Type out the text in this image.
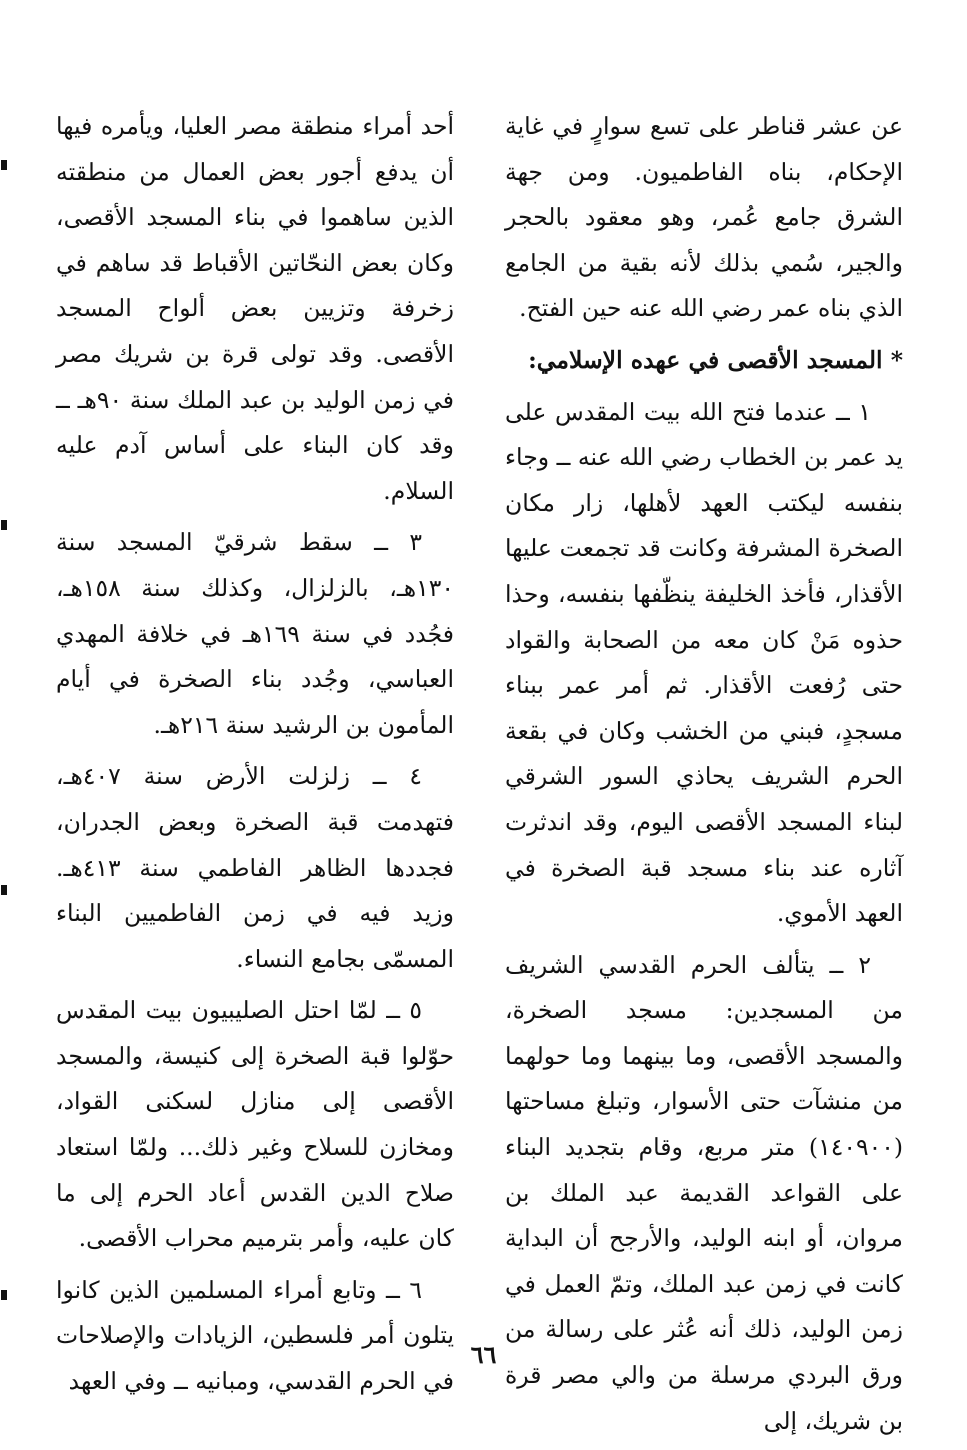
عن عشر قناطر على تسع سوارٍ في غاية الإحكام، بناه الفاطميون. ومن جهة الشرق جامع عُمر، وهو معقود بالحجر والجير، سُمي بذلك لأنه بقية من الجامع الذي بناه عمر رضي الله عنه حين الفتح.

* المسجد الأقصى في عهده الإسلامي:

١ ــ عندما فتح الله بيت المقدس على يد عمر بن الخطاب رضي الله عنه ــ وجاء بنفسه ليكتب العهد لأهلها، زار مكان الصخرة المشرفة وكانت قد تجمعت عليها الأقذار، فأخذ الخليفة ينظّفها بنفسه، وحذا حذوه مَنْ كان معه من الصحابة والقواد حتى رُفعت الأقذار. ثم أمر عمر ببناء مسجدٍ، فبني من الخشب وكان في بقعة الحرم الشريف يحاذي السور الشرقي لبناء المسجد الأقصى اليوم، وقد اندثرت آثاره عند بناء مسجد قبة الصخرة في العهد الأموي.

٢ ــ يتألف الحرم القدسي الشريف من المسجدين: مسجد الصخرة، والمسجد الأقصى، وما بينهما وما حولهما من منشآت حتى الأسوار، وتبلغ مساحتها (١٤٠٩٠٠) متر مربع، وقام بتجديد البناء على القواعد القديمة عبد الملك بن مروان، أو ابنه الوليد، والأرجح أن البداية كانت في زمن عبد الملك، وتمّ العمل في زمن الوليد، ذلك أنه عُثر على رسالة من ورق البردي مرسلة من والي مصر قرة بن شريك، إلى

أحد أمراء منطقة مصر العليا، ويأمره فيها أن يدفع أجور بعض العمال من منطقته الذين ساهموا في بناء المسجد الأقصى، وكان بعض النحّاتين الأقباط قد ساهم في زخرفة وتزيين بعض ألواح المسجد الأقصى. وقد تولى قرة بن شريك مصر في زمن الوليد بن عبد الملك سنة ٩٠هـ ــ وقد كان البناء على أساس آدم عليه السلام.

٣ ــ سقط شرقيّ المسجد سنة ١٣٠هـ، بالزلزال، وكذلك سنة ١٥٨هـ، فجُدد في سنة ١٦٩هـ في خلافة المهدي العباسي، وجُدد بناء الصخرة في أيام المأمون بن الرشيد سنة ٢١٦هـ.

٤ ــ زلزلت الأرض سنة ٤٠٧هـ، فتهدمت قبة الصخرة وبعض الجدران، فجددها الظاهر الفاطمي سنة ٤١٣هـ. وزيد فيه في زمن الفاطميين البناء المسمّى بجامع النساء.

٥ ــ لمّا احتل الصليبيون بيت المقدس حوّلوا قبة الصخرة إلى كنيسة، والمسجد الأقصى إلى منازل لسكنى القواد، ومخازن للسلاح وغير ذلك... ولمّا استعاد صلاح الدين القدس أعاد الحرم إلى ما كان عليه، وأمر بترميم محراب الأقصى.

٦ ــ وتابع أمراء المسلمين الذين كانوا يتلون أمر فلسطين، الزيادات والإصلاحات في الحرم القدسي، ومبانيه ــ وفي العهد

٦٦
